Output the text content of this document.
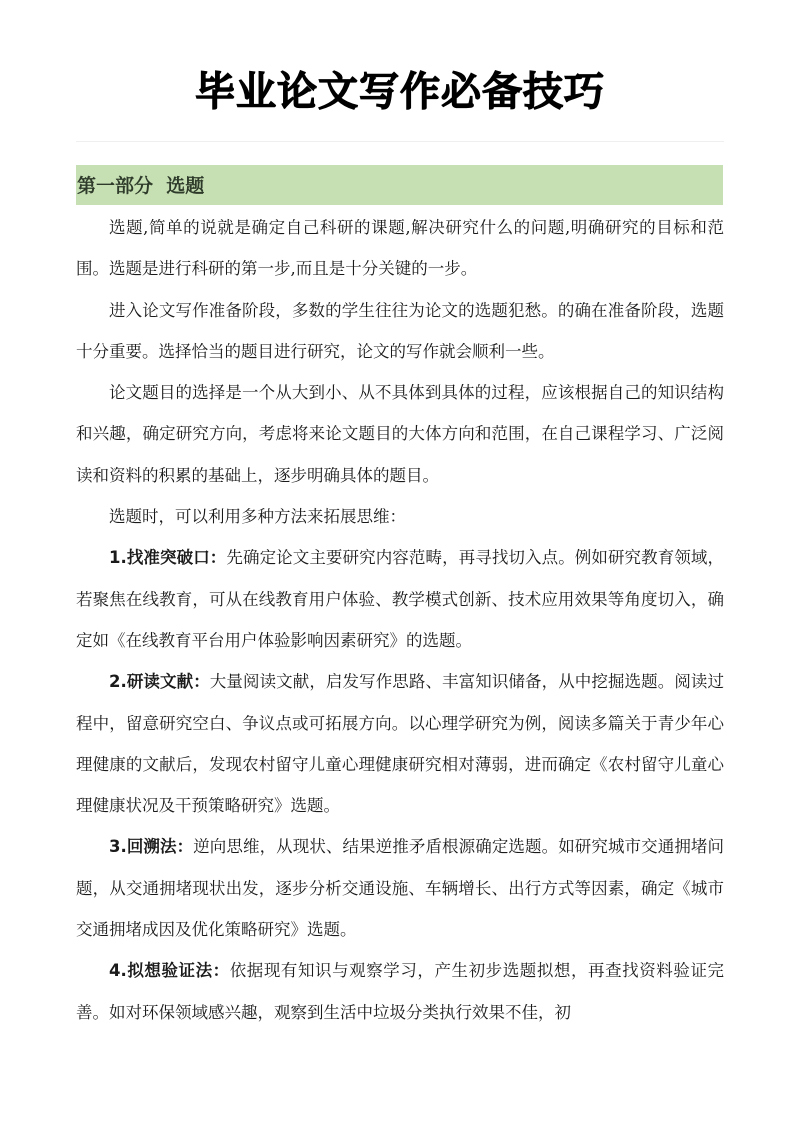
毕业论文写作必备技巧
第一部分  选题

选题,简单的说就是确定自己科研的课题,解决研究什么的问题,明确研究的目标和范围。选题是进行科研的第一步,而且是十分关键的一步。

进入论文写作准备阶段，多数的学生往往为论文的选题犯愁。的确在准备阶段，选题十分重要。选择恰当的题目进行研究，论文的写作就会顺利一些。

论文题目的选择是一个从大到小、从不具体到具体的过程，应该根据自己的知识结构和兴趣，确定研究方向，考虑将来论文题目的大体方向和范围，在自己课程学习、广泛阅读和资料的积累的基础上，逐步明确具体的题目。

选题时，可以利用多种方法来拓展思维：

1.找准突破口：先确定论文主要研究内容范畴，再寻找切入点。例如研究教育领域，若聚焦在线教育，可从在线教育用户体验、教学模式创新、技术应用效果等角度切入，确定如《在线教育平台用户体验影响因素研究》的选题。

2.研读文献：大量阅读文献，启发写作思路、丰富知识储备，从中挖掘选题。阅读过程中，留意研究空白、争议点或可拓展方向。以心理学研究为例，阅读多篇关于青少年心理健康的文献后，发现农村留守儿童心理健康研究相对薄弱，进而确定《农村留守儿童心理健康状况及干预策略研究》选题。

3.回溯法：逆向思维，从现状、结果逆推矛盾根源确定选题。如研究城市交通拥堵问题，从交通拥堵现状出发，逐步分析交通设施、车辆增长、出行方式等因素，确定《城市交通拥堵成因及优化策略研究》选题。

4.拟想验证法：依据现有知识与观察学习，产生初步选题拟想，再查找资料验证完善。如对环保领域感兴趣，观察到生活中垃圾分类执行效果不佳，初
